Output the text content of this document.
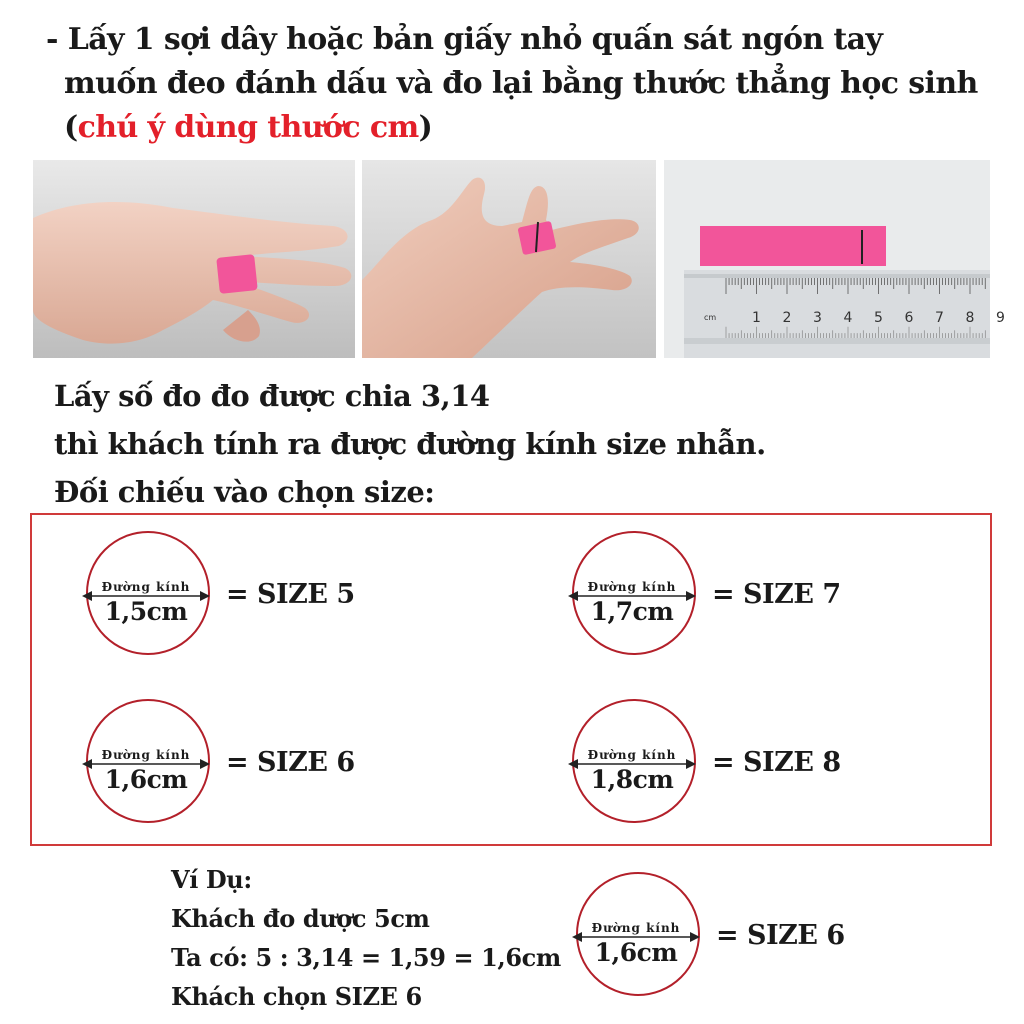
- Lấy 1 sợi dây hoặc bản giấy nhỏ quấn sát ngón tay
muốn đeo đánh dấu và đo lại bằng thước thẳng học sinh
(chú ý dùng thước cm)
cm	1 2 3 4 5 6 7 8 9
Lấy số đo đo được chia 3,14
thì khách tính ra được đường kính size nhẫn.
Đối chiếu vào chọn size:
Đường kính
1,5cm
= SIZE 5	Đường kính
1,7cm
= SIZE 7
Đường kính
1,6cm
= SIZE 6	Đường kính
1,8cm
= SIZE 8
Ví Dụ:
Khách đo dược 5cm
Ta có: 5 : 3,14 = 1,59 = 1,6cm
Khách chọn SIZE 6
Đường kính
1,6cm
= SIZE 6
